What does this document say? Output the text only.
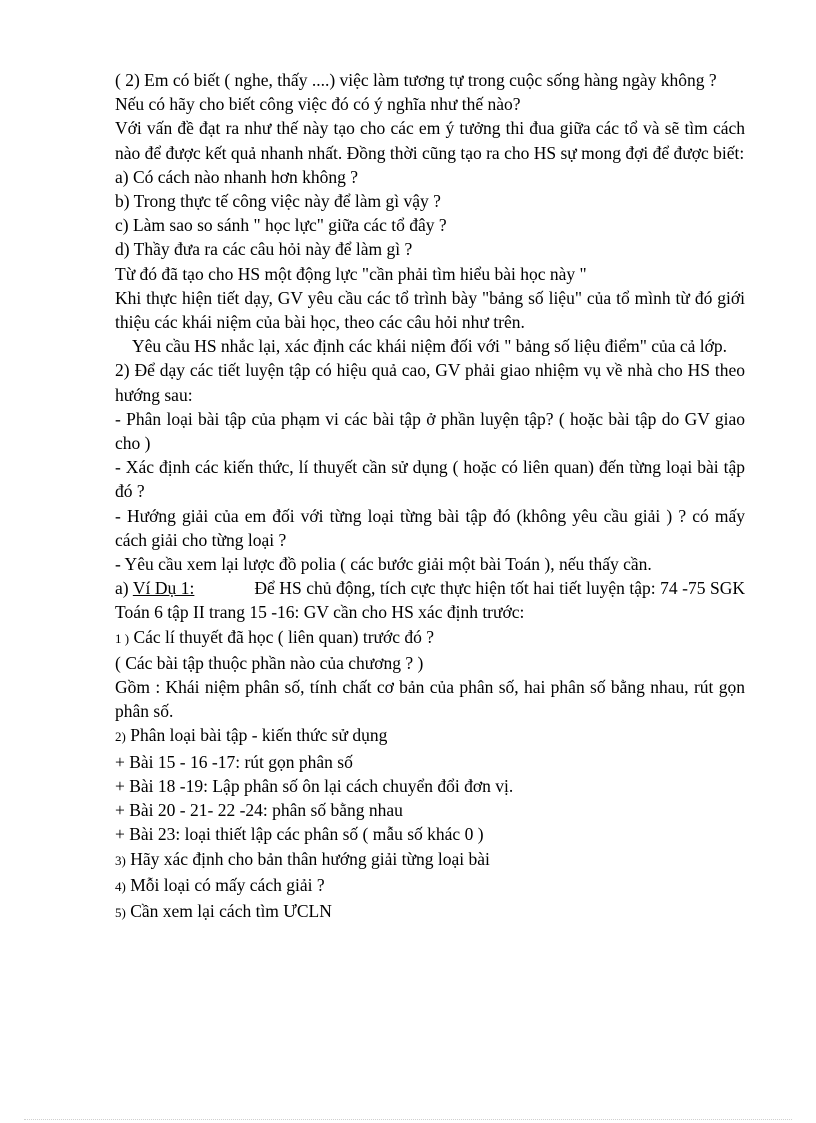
( 2) Em có biết ( nghe, thấy ....) việc làm tương tự trong cuộc sống hàng ngày không ?

Nếu có hãy cho biết công việc đó có ý nghĩa như thế nào?

Với vấn đề đạt ra như thế này tạo cho các em ý tưởng thi đua giữa các tổ và sẽ tìm cách nào để được kết quả nhanh nhất. Đồng thời cũng tạo ra cho HS sự mong đợi để được biết:

a) Có cách nào nhanh hơn không ?

b) Trong thực tế công việc này để làm gì vậy ?

c) Làm sao so sánh " học lực" giữa các tổ đây ?

d) Thầy đưa ra các câu hỏi này để làm gì ?

Từ đó đã tạo cho HS một động lực "cần phải tìm hiểu bài học này "

Khi thực hiện tiết dạy, GV yêu cầu các tổ trình bày "bảng số liệu" của tổ mình từ đó giới thiệu các khái niệm của bài học, theo các câu hỏi như trên.

Yêu cầu HS nhắc lại, xác định các khái niệm đối với " bảng số liệu điểm" của cả lớp.

2) Để dạy các tiết luyện tập có hiệu quả cao, GV phải giao nhiệm vụ về nhà cho HS theo hướng sau:

- Phân loại bài tập của phạm vi các bài tập ở phần luyện tập? ( hoặc bài tập do GV giao cho )

- Xác định các kiến thức, lí thuyết cần sử dụng ( hoặc có liên quan) đến từng loại bài tập đó ?

- Hướng giải của em đối với từng loại từng bài tập đó (không yêu cầu giải ) ? có mấy cách giải cho từng loại ?

- Yêu cầu xem lại lược đồ polia ( các bước giải một bài Toán ), nếu thấy cần.

a) Ví Dụ 1:	Để HS chủ động, tích cực thực hiện tốt hai tiết luyện tập: 74 -75 SGK Toán 6 tập II trang 15 -16: GV cần cho HS xác định trước:

1 ) Các lí thuyết đã học ( liên quan) trước đó ?

( Các bài tập thuộc phần nào của chương ? )

Gồm : Khái niệm phân số, tính chất cơ bản của phân số, hai phân số bằng nhau, rút gọn phân số.

2) Phân loại bài tập - kiến thức sử dụng

+ Bài 15 - 16 -17: rút gọn phân số

+ Bài 18 -19: Lập phân số ôn lại cách chuyển đổi đơn vị.

+ Bài 20 - 21- 22 -24: phân số bằng nhau

+ Bài 23: loại thiết lập các phân số ( mẫu số khác 0 )

3) Hãy xác định cho bản thân hướng giải từng loại bài

4) Mỗi loại có mấy cách giải ?

5) Cần xem lại cách tìm ƯCLN
